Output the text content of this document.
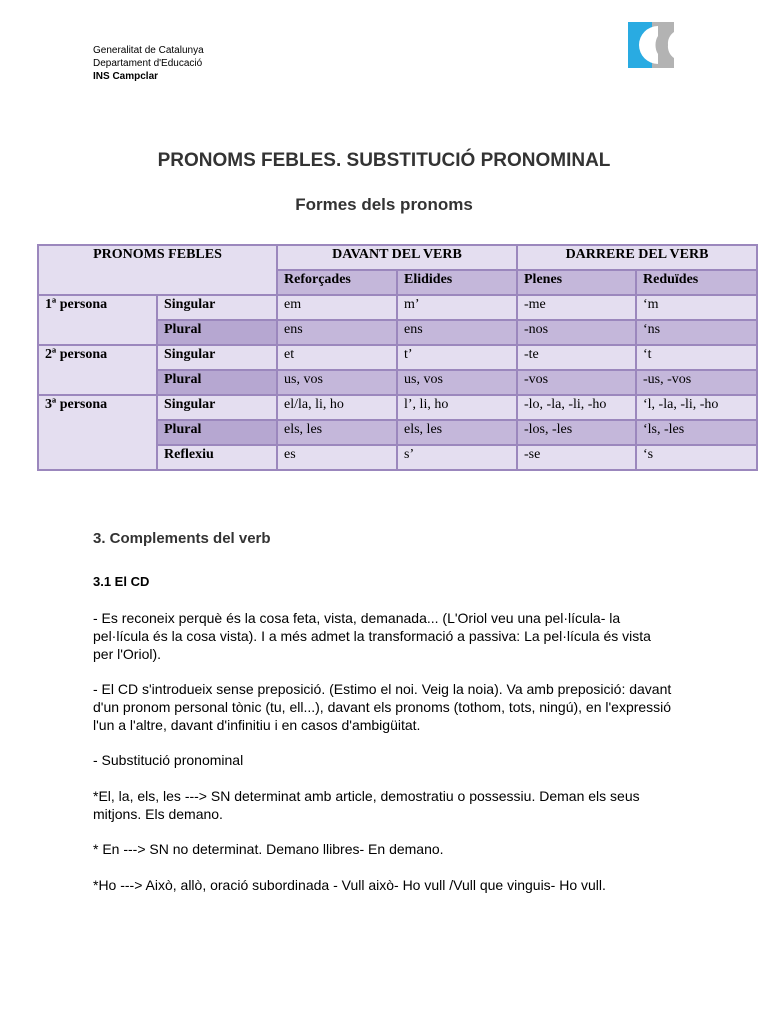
Generalitat de Catalunya
Departament d'Educació
INS Campclar
PRONOMS FEBLES. SUBSTITUCIÓ PRONOMINAL
Formes dels pronoms
PRONOMS FEBLES		DAVANT DEL VERB		DARRERE DEL VERB	
		Reforçades	Elidides	Plenes	Reduïdes
1ª persona	Singular	em	m’	-me	‘m
	Plural	ens	ens	-nos	‘ns
2ª persona	Singular	et	t’	-te	‘t
	Plural	us, vos	us, vos	-vos	-us, -vos
3ª persona	Singular	el/la, li, ho	l’, li, ho	-lo, -la, -li, -ho	‘l, -la, -li, -ho
	Plural	els, les	els, les	-los, -les	‘ls, -les
	Reflexiu	es	s’	-se	‘s
3. Complements del verb
3.1 El CD
- Es reconeix perquè és la cosa feta, vista, demanada... (L'Oriol veu una pel·lícula- la pel·lícula és la cosa vista). I a més admet la transformació a passiva: La pel·lícula és vista per l'Oriol).
- El CD s'introdueix sense preposició. (Estimo el noi. Veig la noia). Va amb preposició: davant d'un pronom personal tònic (tu, ell...), davant els pronoms (tothom, tots, ningú), en l'expressió l'un a l'altre, davant d'infinitiu i en casos d'ambigüitat.
- Substitució pronominal
*El, la, els, les ---> SN determinat amb article, demostratiu o possessiu. Deman els seus mitjons. Els demano.
* En ---> SN no determinat. Demano llibres- En demano.
*Ho ---> Això, allò, oració subordinada - Vull això- Ho vull /Vull que vinguis- Ho vull.
